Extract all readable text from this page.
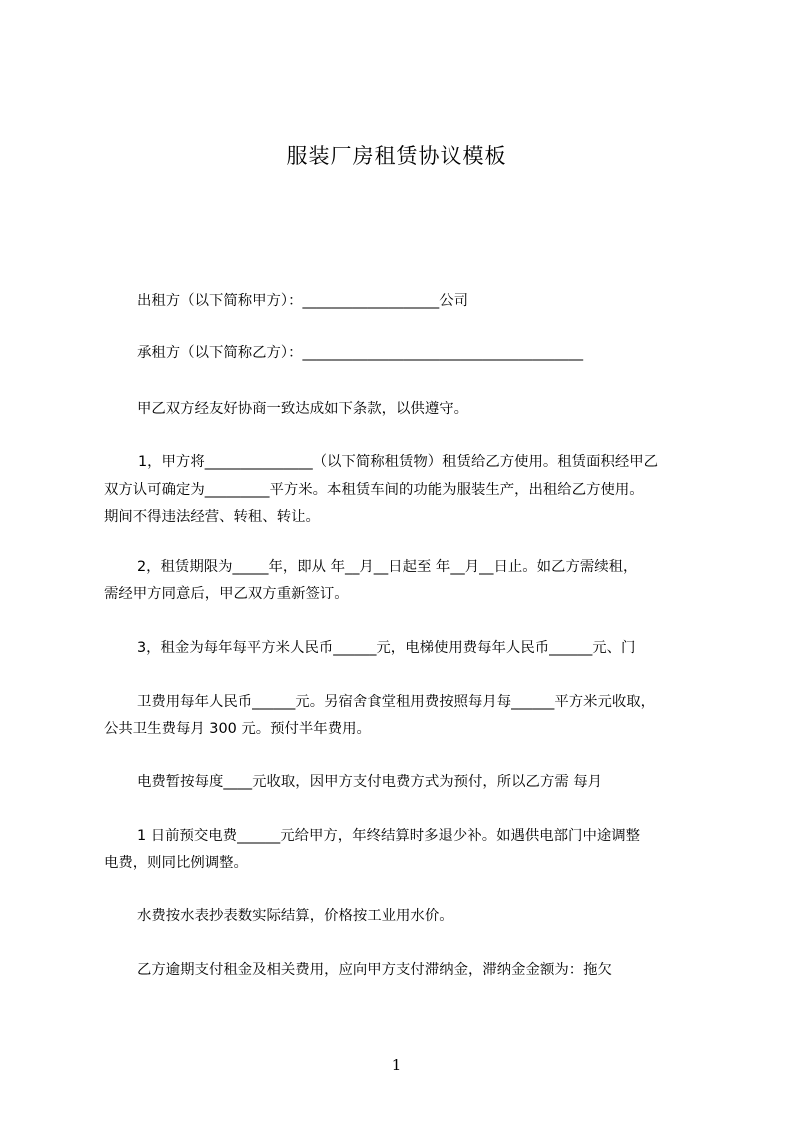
服装厂房租赁协议模板
出租方（以下简称甲方）：___________________公司
承租方（以下简称乙方）：_______________________________________
甲乙双方经友好协商一致达成如下条款，以供遵守。
1，甲方将_______________（以下简称租赁物）租赁给乙方使用。租赁面积经甲乙
双方认可确定为_________平方米。本租赁车间的功能为服装生产，出租给乙方使用。
期间不得违法经营、转租、转让。
2，租赁期限为_____年，即从 年__月__日起至 年__月__日止。如乙方需续租，
需经甲方同意后，甲乙双方重新签订。
3，租金为每年每平方米人民币______元，电梯使用费每年人民币______元、门
卫费用每年人民币______元。另宿舍食堂租用费按照每月每______平方米元收取，
公共卫生费每月 300 元。预付半年费用。
电费暂按每度____元收取，因甲方支付电费方式为预付，所以乙方需 每月
1 日前预交电费______元给甲方，年终结算时多退少补。如遇供电部门中途调整
电费，则同比例调整。
水费按水表抄表数实际结算，价格按工业用水价。
乙方逾期支付租金及相关费用，应向甲方支付滞纳金，滞纳金金额为：拖欠
1
